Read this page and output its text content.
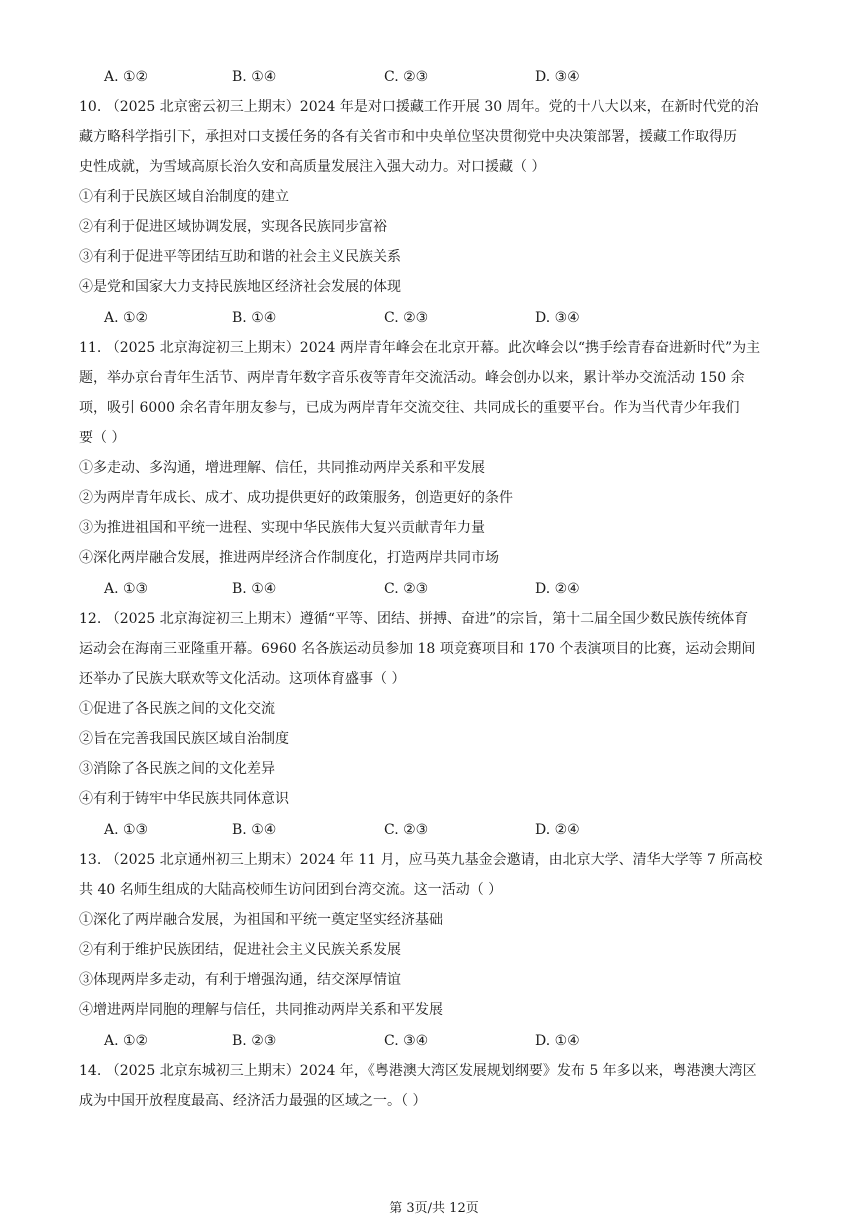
A. ①②	B. ①④	C. ②③	D. ③④
10. （2025 北京密云初三上期末）2024 年是对口援藏工作开展 30 周年。党的十八大以来，在新时代党的治
藏方略科学指引下，承担对口支援任务的各有关省市和中央单位坚决贯彻党中央决策部署，援藏工作取得历
史性成就，为雪域高原长治久安和高质量发展注入强大动力。对口援藏（ ）
①有利于民族区域自治制度的建立
②有利于促进区域协调发展，实现各民族同步富裕
③有利于促进平等团结互助和谐的社会主义民族关系
④是党和国家大力支持民族地区经济社会发展的体现
A. ①②	B. ①④	C. ②③	D. ③④
11. （2025 北京海淀初三上期末）2024 两岸青年峰会在北京开幕。此次峰会以“携手绘青春奋进新时代”为主
题，举办京台青年生活节、两岸青年数字音乐夜等青年交流活动。峰会创办以来，累计举办交流活动 150 余
项，吸引 6000 余名青年朋友参与，已成为两岸青年交流交往、共同成长的重要平台。作为当代青少年我们
要（ ）
①多走动、多沟通，增进理解、信任，共同推动两岸关系和平发展
②为两岸青年成长、成才、成功提供更好的政策服务，创造更好的条件
③为推进祖国和平统一进程、实现中华民族伟大复兴贡献青年力量
④深化两岸融合发展，推进两岸经济合作制度化，打造两岸共同市场
A. ①③	B. ①④	C. ②③	D. ②④
12. （2025 北京海淀初三上期末）遵循“平等、团结、拼搏、奋进”的宗旨，第十二届全国少数民族传统体育
运动会在海南三亚隆重开幕。6960 名各族运动员参加 18 项竞赛项目和 170 个表演项目的比赛，运动会期间
还举办了民族大联欢等文化活动。这项体育盛事（ ）
①促进了各民族之间的文化交流
②旨在完善我国民族区域自治制度
③消除了各民族之间的文化差异
④有利于铸牢中华民族共同体意识
A. ①③	B. ①④	C. ②③	D. ②④
13. （2025 北京通州初三上期末）2024 年 11 月，应马英九基金会邀请，由北京大学、清华大学等 7 所高校
共 40 名师生组成的大陆高校师生访问团到台湾交流。这一活动（ ）
①深化了两岸融合发展，为祖国和平统一奠定坚实经济基础
②有利于维护民族团结，促进社会主义民族关系发展
③体现两岸多走动，有利于增强沟通，结交深厚情谊
④增进两岸同胞的理解与信任，共同推动两岸关系和平发展
A. ①②	B. ②③	C. ③④	D. ①④
14. （2025 北京东城初三上期末）2024 年，《粤港澳大湾区发展规划纲要》发布 5 年多以来，粤港澳大湾区
成为中国开放程度最高、经济活力最强的区域之一。（ ）
第 3页/共 12页
